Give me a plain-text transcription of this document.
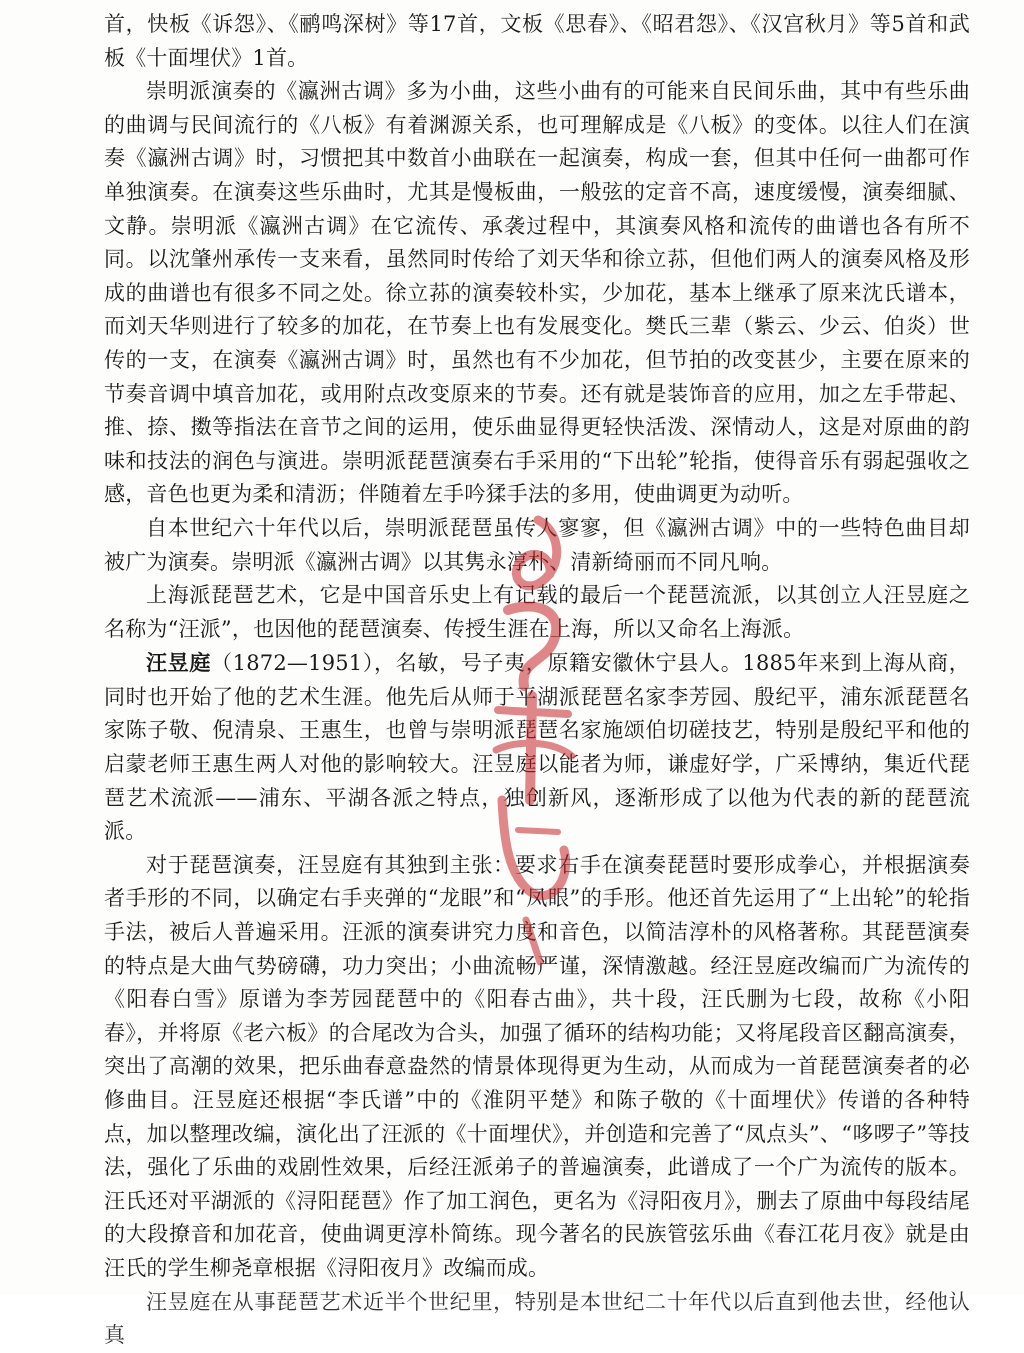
首，快板《诉怨》、《鹂鸣深树》等17首，文板《思春》、《昭君怨》、《汉宫秋月》等5首和武板《十面埋伏》1首。

崇明派演奏的《瀛洲古调》多为小曲，这些小曲有的可能来自民间乐曲，其中有些乐曲的曲调与民间流行的《八板》有着渊源关系，也可理解成是《八板》的变体。以往人们在演奏《瀛洲古调》时，习惯把其中数首小曲联在一起演奏，构成一套，但其中任何一曲都可作单独演奏。在演奏这些乐曲时，尤其是慢板曲，一般弦的定音不高，速度缓慢，演奏细腻、文静。崇明派《瀛洲古调》在它流传、承袭过程中，其演奏风格和流传的曲谱也各有所不同。以沈肇州承传一支来看，虽然同时传给了刘天华和徐立荪，但他们两人的演奏风格及形成的曲谱也有很多不同之处。徐立荪的演奏较朴实，少加花，基本上继承了原来沈氏谱本，而刘天华则进行了较多的加花，在节奏上也有发展变化。樊氏三辈（紫云、少云、伯炎）世传的一支，在演奏《瀛洲古调》时，虽然也有不少加花，但节拍的改变甚少，主要在原来的节奏音调中填音加花，或用附点改变原来的节奏。还有就是装饰音的应用，加之左手带起、推、捺、擞等指法在音节之间的运用，使乐曲显得更轻快活泼、深情动人，这是对原曲的韵味和技法的润色与演进。崇明派琵琶演奏右手采用的“下出轮”轮指，使得音乐有弱起强收之感，音色也更为柔和清沥；伴随着左手吟猱手法的多用，使曲调更为动听。

自本世纪六十年代以后，崇明派琵琶虽传人寥寥，但《瀛洲古调》中的一些特色曲目却被广为演奏。崇明派《瀛洲古调》以其隽永淳朴、清新绮丽而不同凡响。

上海派琵琶艺术，它是中国音乐史上有记载的最后一个琵琶流派，以其创立人汪昱庭之名称为“汪派”，也因他的琵琶演奏、传授生涯在上海，所以又命名上海派。

汪昱庭（1872—1951），名敏，号子夷，原籍安徽休宁县人。1885年来到上海从商，同时也开始了他的艺术生涯。他先后从师于平湖派琵琶名家李芳园、殷纪平，浦东派琵琶名家陈子敬、倪清泉、王惠生，也曾与崇明派琵琶名家施颂伯切磋技艺，特别是殷纪平和他的启蒙老师王惠生两人对他的影响较大。汪昱庭以能者为师，谦虚好学，广采博纳，集近代琵琶艺术流派——浦东、平湖各派之特点，独创新风，逐渐形成了以他为代表的新的琵琶流派。

对于琵琶演奏，汪昱庭有其独到主张：要求右手在演奏琵琶时要形成拳心，并根据演奏者手形的不同，以确定右手夹弹的“龙眼”和“凤眼”的手形。他还首先运用了“上出轮”的轮指手法，被后人普遍采用。汪派的演奏讲究力度和音色，以简洁淳朴的风格著称。其琵琶演奏的特点是大曲气势磅礴，功力突出；小曲流畅严谨，深情激越。经汪昱庭改编而广为流传的《阳春白雪》原谱为李芳园琵琶中的《阳春古曲》，共十段，汪氏删为七段，故称《小阳春》，并将原《老六板》的合尾改为合头，加强了循环的结构功能；又将尾段音区翻高演奏，突出了高潮的效果，把乐曲春意盎然的情景体现得更为生动，从而成为一首琵琶演奏者的必修曲目。汪昱庭还根据“李氏谱”中的《淮阴平楚》和陈子敬的《十面埋伏》传谱的各种特点，加以整理改编，演化出了汪派的《十面埋伏》，并创造和完善了“凤点头”、“哆啰子”等技法，强化了乐曲的戏剧性效果，后经汪派弟子的普遍演奏，此谱成了一个广为流传的版本。汪氏还对平湖派的《浔阳琵琶》作了加工润色，更名为《浔阳夜月》，删去了原曲中每段结尾的大段撩音和加花音，使曲调更淳朴简练。现今著名的民族管弦乐曲《春江花月夜》就是由汪氏的学生柳尧章根据《浔阳夜月》改编而成。

汪昱庭在从事琵琶艺术近半个世纪里，特别是本世纪二十年代以后直到他去世，经他认真
